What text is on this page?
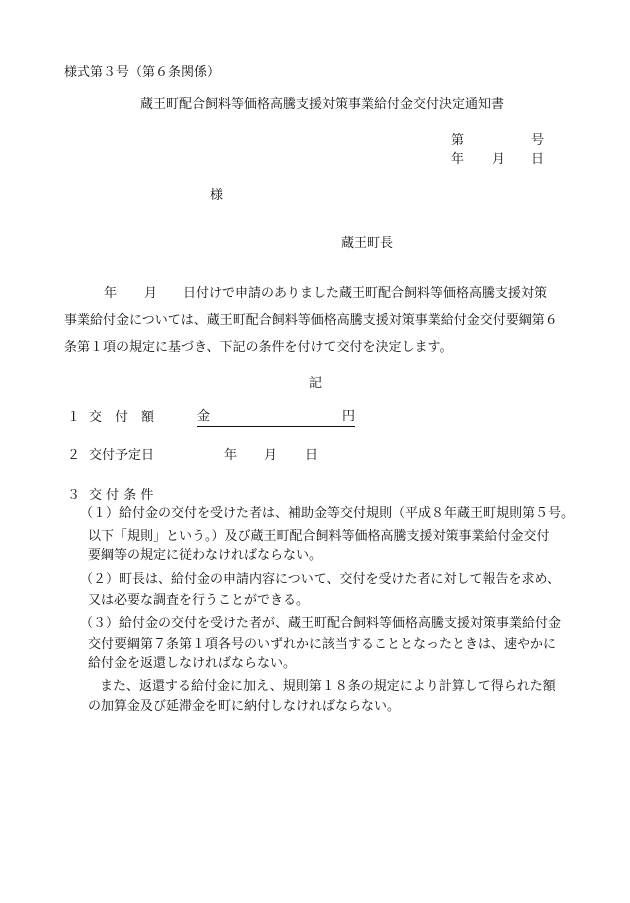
様式第３号（第６条関係）
蔵王町配合飼料等価格高騰支援対策事業給付金交付決定通知書
第	号
年 月 日
様
蔵王町長
年 月 日付けで申請のありました蔵王町配合飼料等価格高騰支援対策
事業給付金については、蔵王町配合飼料等価格高騰支援対策事業給付金交付要綱第６
条第１項の規定に基づき、下記の条件を付けて交付を決定します。
記
１ 交　付　額	金	円
２ 交付予定日	年 月 日
３ 交 付 条 件
（１）給付金の交付を受けた者は、補助金等交付規則（平成８年蔵王町規則第５号。
以下「規則」という。）及び蔵王町配合飼料等価格高騰支援対策事業給付金交付
要綱等の規定に従わなければならない。
（２）町長は、給付金の申請内容について、交付を受けた者に対して報告を求め、
又は必要な調査を行うことができる。
（３）給付金の交付を受けた者が、蔵王町配合飼料等価格高騰支援対策事業給付金
交付要綱第７条第１項各号のいずれかに該当することとなったときは、速やかに
給付金を返還しなければならない。
また、返還する給付金に加え、規則第１８条の規定により計算して得られた額
の加算金及び延滞金を町に納付しなければならない。
